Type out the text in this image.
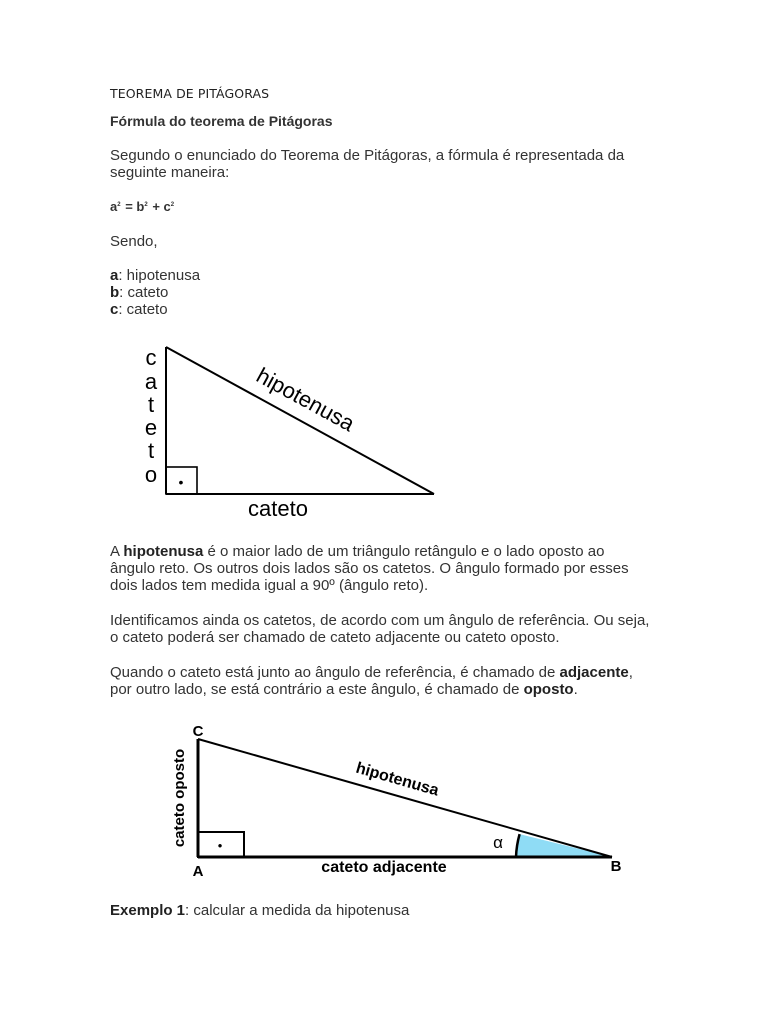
TEOREMA DE PITÁGORAS
Fórmula do teorema de Pitágoras
Segundo o enunciado do Teorema de Pitágoras, a fórmula é representada da seguinte maneira:
$a^2 = b^2 + c^2$
Sendo,
a: hipotenusa
b: cateto
c: cateto
•
c
a
t
e
t
o
hipotenusa
cateto
A hipotenusa é o maior lado de um triângulo retângulo e o lado oposto ao ângulo reto. Os outros dois lados são os catetos. O ângulo formado por esses dois lados tem medida igual a 90º (ângulo reto).
Identificamos ainda os catetos, de acordo com um ângulo de referência. Ou seja, o cateto poderá ser chamado de cateto adjacente ou cateto oposto.
Quando o cateto está junto ao ângulo de referência, é chamado de adjacente, por outro lado, se está contrário a este ângulo, é chamado de oposto.
•
C
A	B
α
hipotenusa
cateto oposto
cateto adjacente
Exemplo 1: calcular a medida da hipotenusa
